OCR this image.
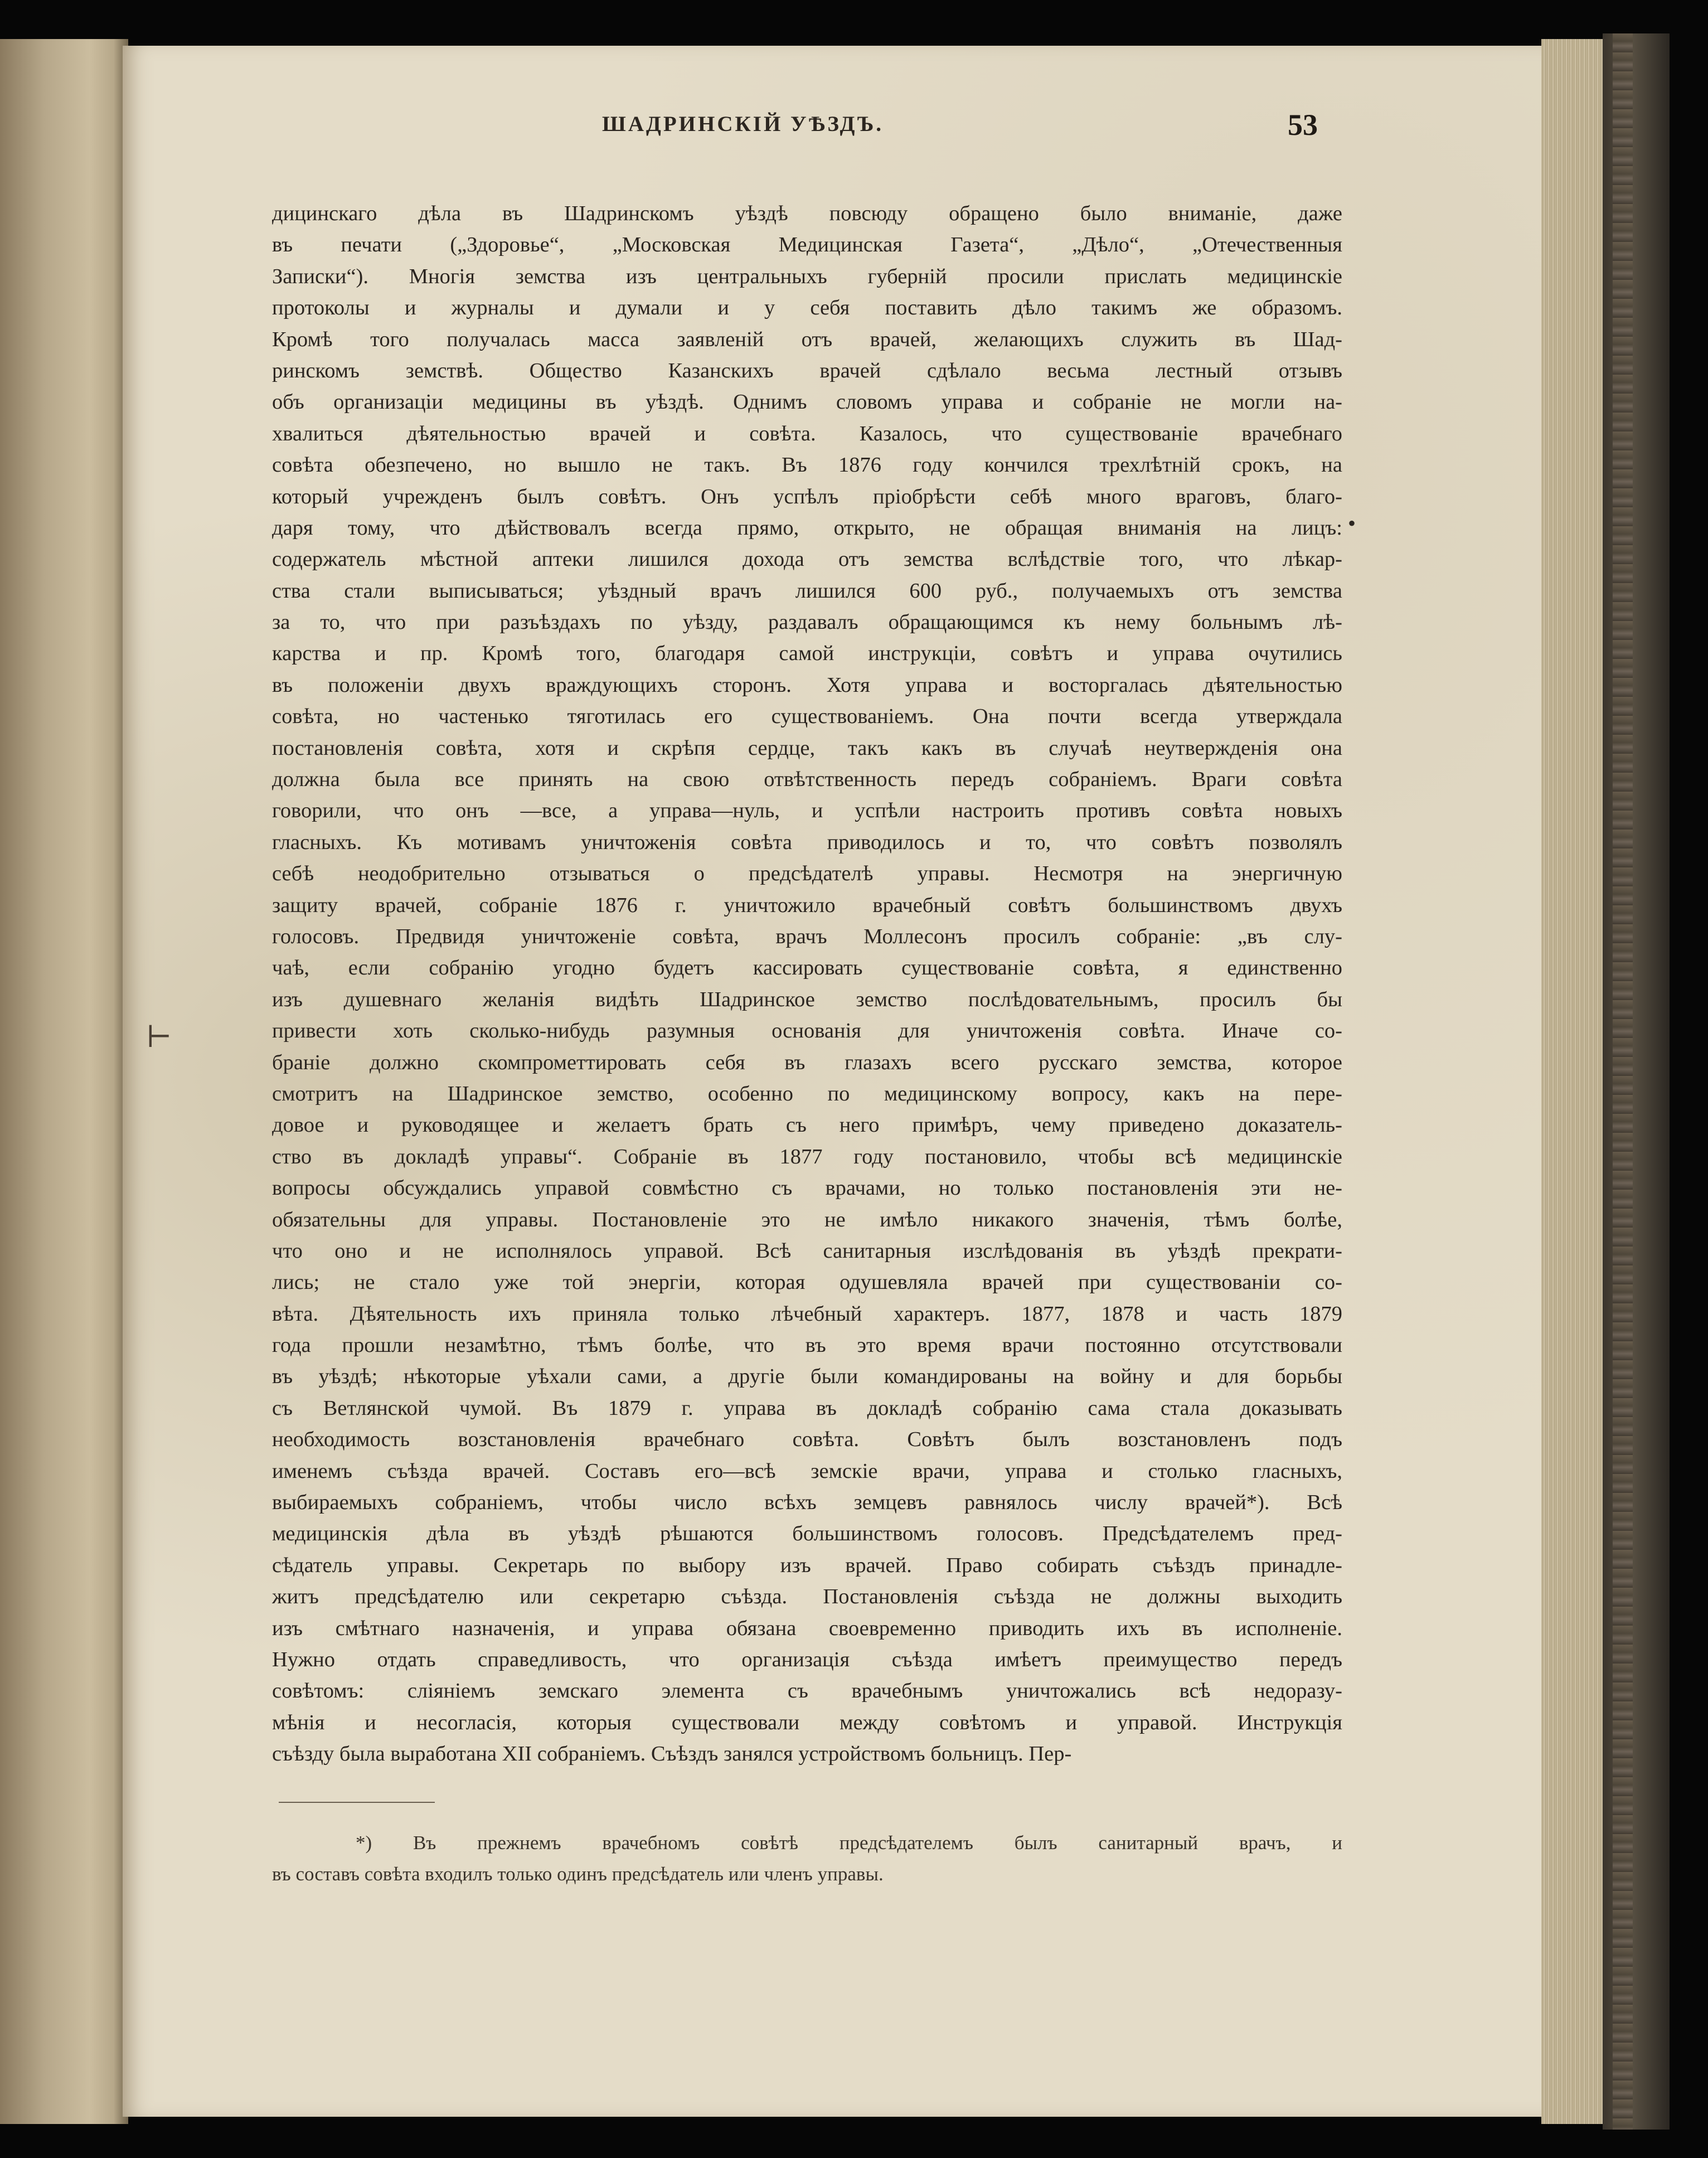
ШАДРИНСКІЙ УѢЗДЪ.	53
дицинскаго дѣла въ Шадринскомъ уѣздѣ повсюду обращено было вниманіе, даже
въ печати („Здоровье“, „Московская Медицинская Газета“, „Дѣло“, „Отечественныя
Записки“). Многія земства изъ центральныхъ губерній просили прислать медицинскіе
протоколы и журналы и думали и у себя поставить дѣло такимъ же образомъ.
Кромѣ того получалась масса заявленій отъ врачей, желающихъ служить въ Шад-
ринскомъ земствѣ. Общество Казанскихъ врачей сдѣлало весьма лестный отзывъ
объ организаціи медицины въ уѣздѣ. Однимъ словомъ управа и собраніе не могли на-
хвалиться дѣятельностью врачей и совѣта. Казалось, что существованіе врачебнаго
совѣта обезпечено, но вышло не такъ. Въ 1876 году кончился трехлѣтній срокъ, на
который учрежденъ былъ совѣтъ. Онъ успѣлъ пріобрѣсти себѣ много враговъ, благо-
даря тому, что дѣйствовалъ всегда прямо, открыто, не обращая вниманія на лицъ:
содержатель мѣстной аптеки лишился дохода отъ земства вслѣдствіе того, что лѣкар-
ства стали выписываться; уѣздный врачъ лишился 600 руб., получаемыхъ отъ земства
за то, что при разъѣздахъ по уѣзду, раздавалъ обращающимся къ нему больнымъ лѣ-
карства и пр. Кромѣ того, благодаря самой инструкціи, совѣтъ и управа очутились
въ положеніи двухъ враждующихъ сторонъ. Хотя управа и восторгалась дѣятельностью
совѣта, но частенько тяготилась его существованіемъ. Она почти всегда утверждала
постановленія совѣта, хотя и скрѣпя сердце, такъ какъ въ случаѣ неутвержденія она
должна была все принять на свою отвѣтственность передъ собраніемъ. Враги совѣта
говорили, что онъ —все, а управа—нуль, и успѣли настроить противъ совѣта новыхъ
гласныхъ. Къ мотивамъ уничтоженія совѣта приводилось и то, что совѣтъ позволялъ
себѣ неодобрительно отзываться о предсѣдателѣ управы. Несмотря на энергичную
защиту врачей, собраніе 1876 г. уничтожило врачебный совѣтъ большинствомъ двухъ
голосовъ. Предвидя уничтоженіе совѣта, врачъ Моллесонъ просилъ собраніе: „въ слу-
чаѣ, если собранію угодно будетъ кассировать существованіе совѣта, я единственно
изъ душевнаго желанія видѣть Шадринское земство послѣдовательнымъ, просилъ бы
привести хоть сколько-нибудь разумныя основанія для уничтоженія совѣта. Иначе со-
браніе должно скомпрометтировать себя въ глазахъ всего русскаго земства, которое
смотритъ на Шадринское земство, особенно по медицинскому вопросу, какъ на пере-
довое и руководящее и желаетъ брать съ него примѣръ, чему приведено доказатель-
ство въ докладѣ управы“. Собраніе въ 1877 году постановило, чтобы всѣ медицинскіе
вопросы обсуждались управой совмѣстно съ врачами, но только постановленія эти не-
обязательны для управы. Постановленіе это не имѣло никакого значенія, тѣмъ болѣе,
что оно и не исполнялось управой. Всѣ санитарныя изслѣдованія въ уѣздѣ прекрати-
лись; не стало уже той энергіи, которая одушевляла врачей при существованіи со-
вѣта. Дѣятельность ихъ приняла только лѣчебный характеръ. 1877, 1878 и часть 1879
года прошли незамѣтно, тѣмъ болѣе, что въ это время врачи постоянно отсутствовали
въ уѣздѣ; нѣкоторые уѣхали сами, а другіе были командированы на войну и для борьбы
съ Ветлянской чумой. Въ 1879 г. управа въ докладѣ собранію сама стала доказывать
необходимость возстановленія врачебнаго совѣта. Совѣтъ былъ возстановленъ подъ
именемъ съѣзда врачей. Составъ его—всѣ земскіе врачи, управа и столько гласныхъ,
выбираемыхъ собраніемъ, чтобы число всѣхъ земцевъ равнялось числу врачей*). Всѣ
медицинскія дѣла въ уѣздѣ рѣшаются большинствомъ голосовъ. Предсѣдателемъ пред-
сѣдатель управы. Секретарь по выбору изъ врачей. Право собирать съѣздъ принадле-
житъ предсѣдателю или секретарю съѣзда. Постановленія съѣзда не должны выходить
изъ смѣтнаго назначенія, и управа обязана своевременно приводить ихъ въ исполненіе.
Нужно отдать справедливость, что организація съѣзда имѣетъ преимущество передъ
совѣтомъ: сліяніемъ земскаго элемента съ врачебнымъ уничтожались всѣ недоразу-
мѣнія и несогласія, которыя существовали между совѣтомъ и управой. Инструкція
съѣзду была выработана XII собраніемъ. Съѣздъ занялся устройствомъ больницъ. Пер-
•
⊢
*) Въ прежнемъ врачебномъ совѣтѣ предсѣдателемъ былъ санитарный врачъ, и
въ составъ совѣта входилъ только одинъ предсѣдатель или членъ управы.
